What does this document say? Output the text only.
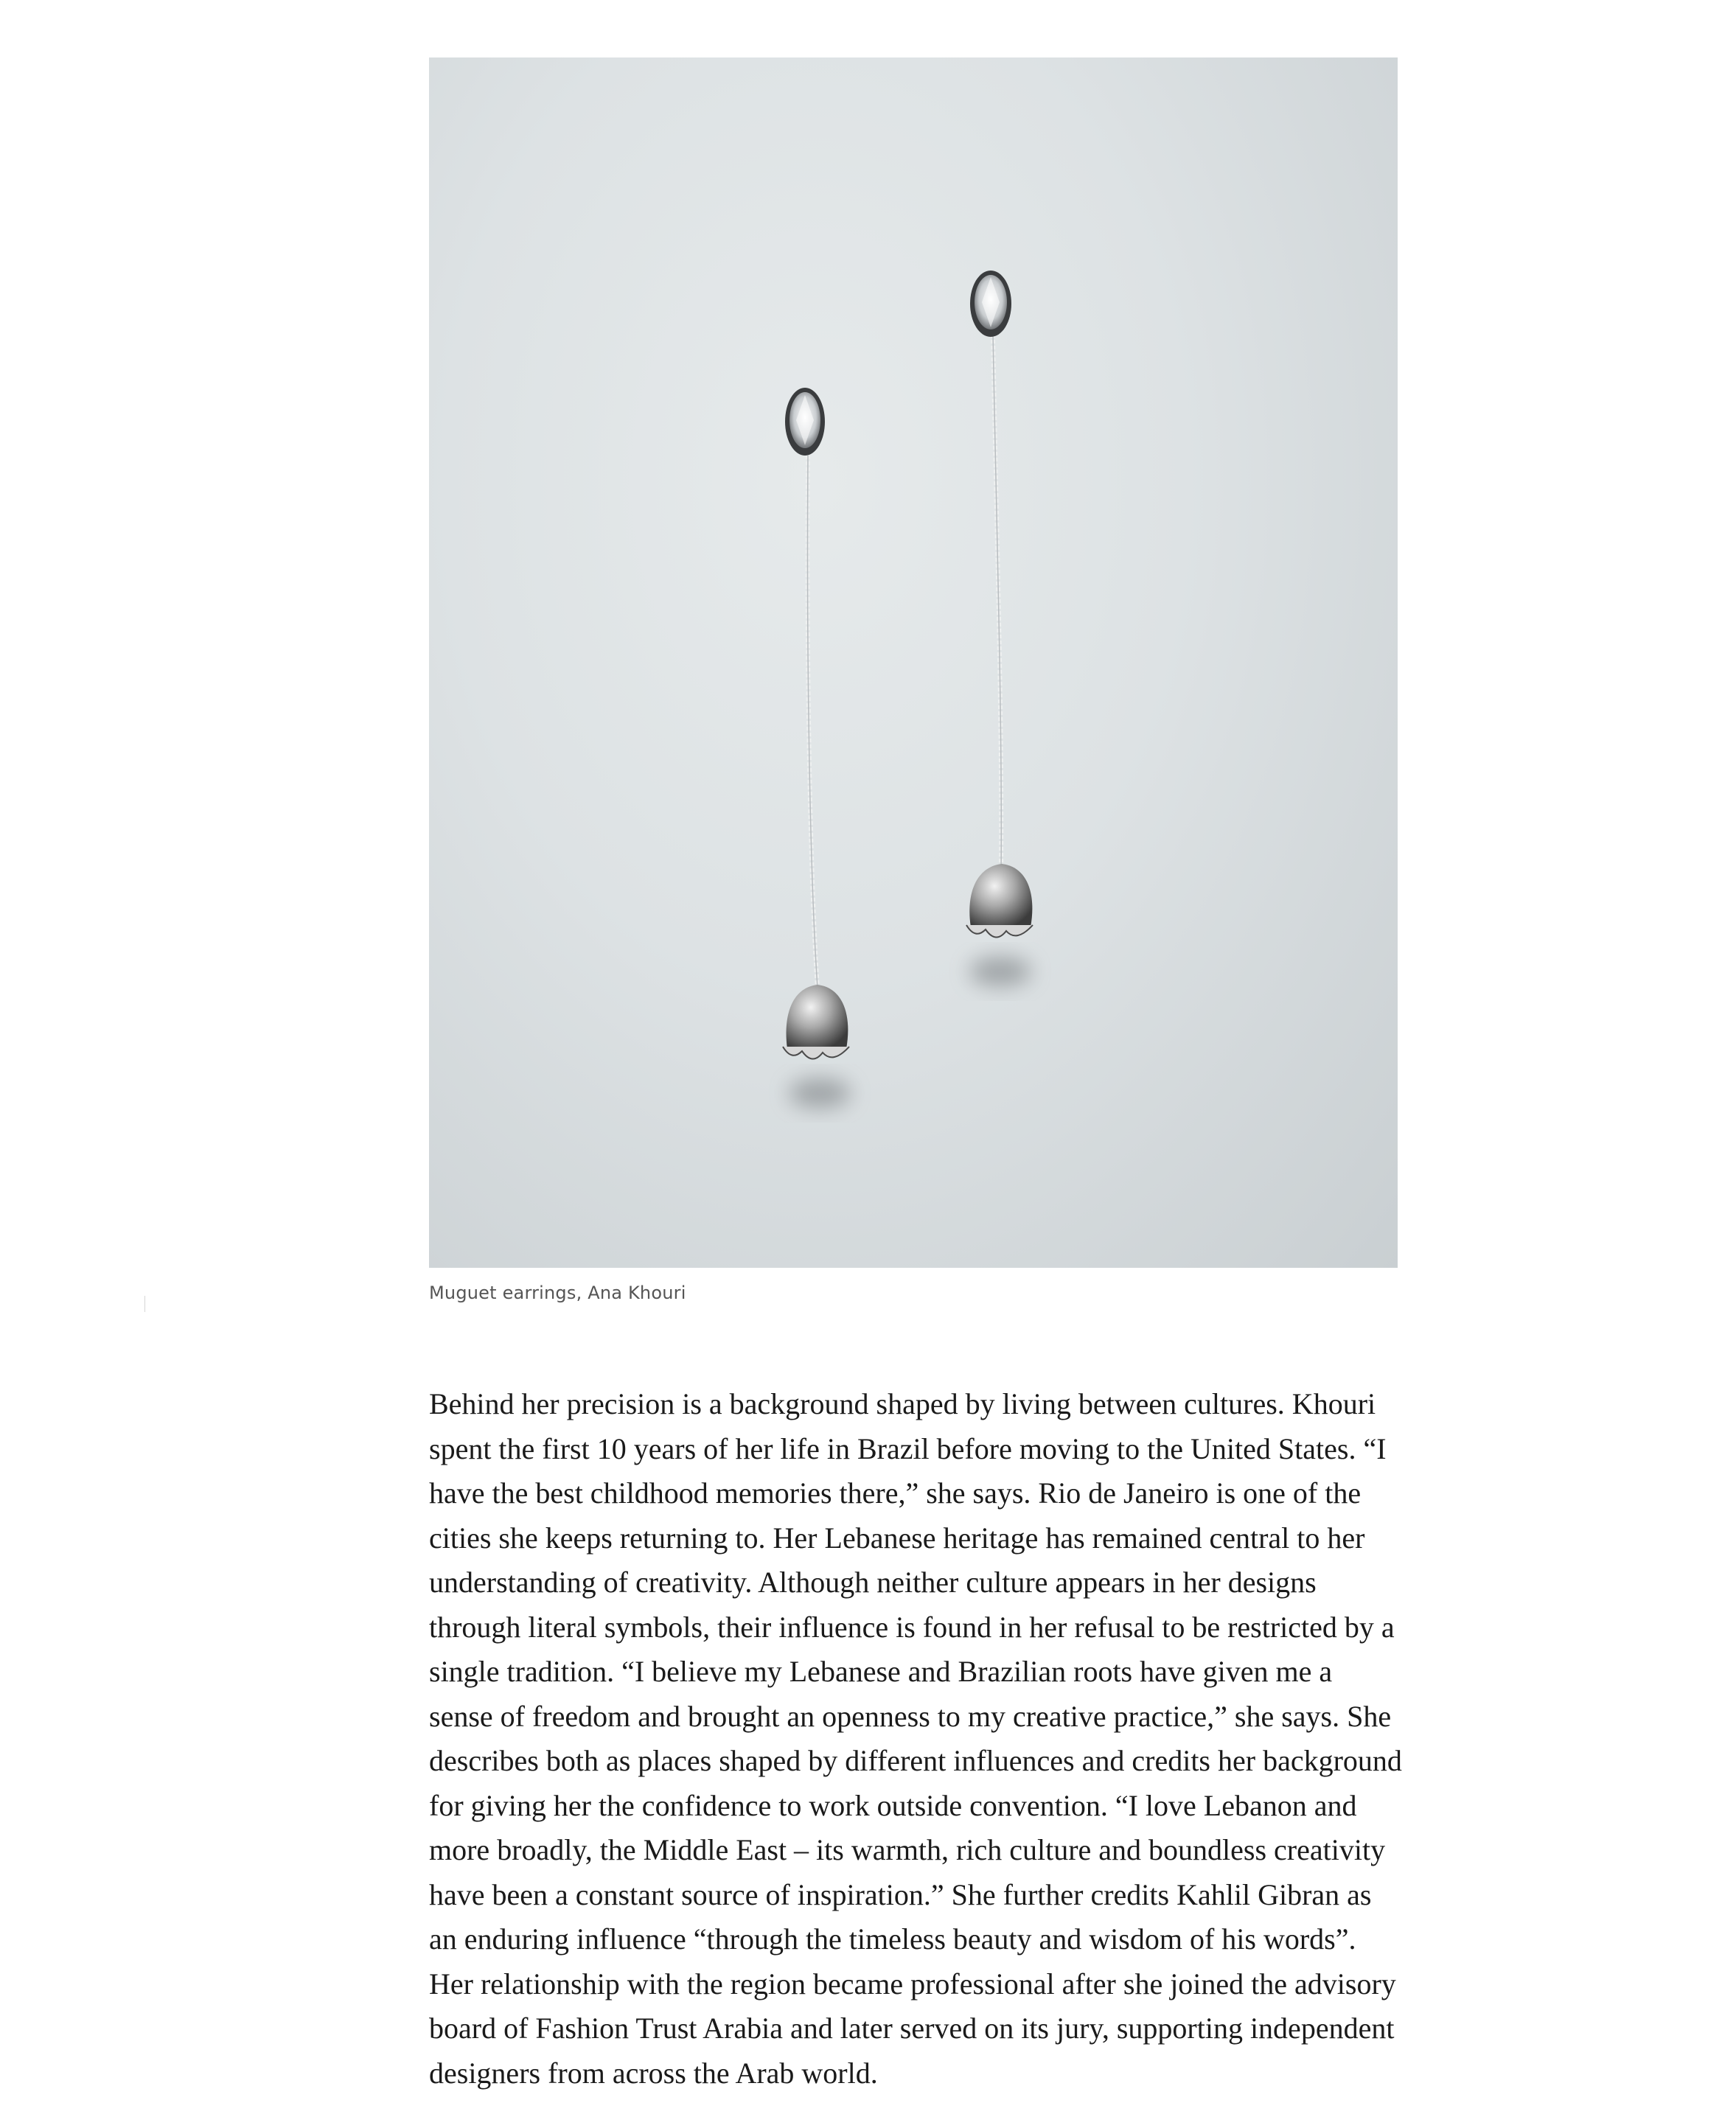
Muguet earrings, Ana Khouri

Behind her precision is a background shaped by living between cultures. Khouri spent the first 10 years of her life in Brazil before moving to the United States. “I have the best childhood memories there,” she says. Rio de Janeiro is one of the cities she keeps returning to. Her Lebanese heritage has remained central to her understanding of creativity. Although neither culture appears in her designs through literal symbols, their influence is found in her refusal to be restricted by a single tradition. “I believe my Lebanese and Brazilian roots have given me a sense of freedom and brought an openness to my creative practice,” she says. She describes both as places shaped by different influences and credits her background for giving her the confidence to work outside convention. “I love Lebanon and more broadly, the Middle East – its warmth, rich culture and boundless creativity have been a constant source of inspiration.” She further credits Kahlil Gibran as an enduring influence “through the timeless beauty and wisdom of his words”. Her relationship with the region became professional after she joined the advisory board of Fashion Trust Arabia and later served on its jury, supporting independent designers from across the Arab world.
